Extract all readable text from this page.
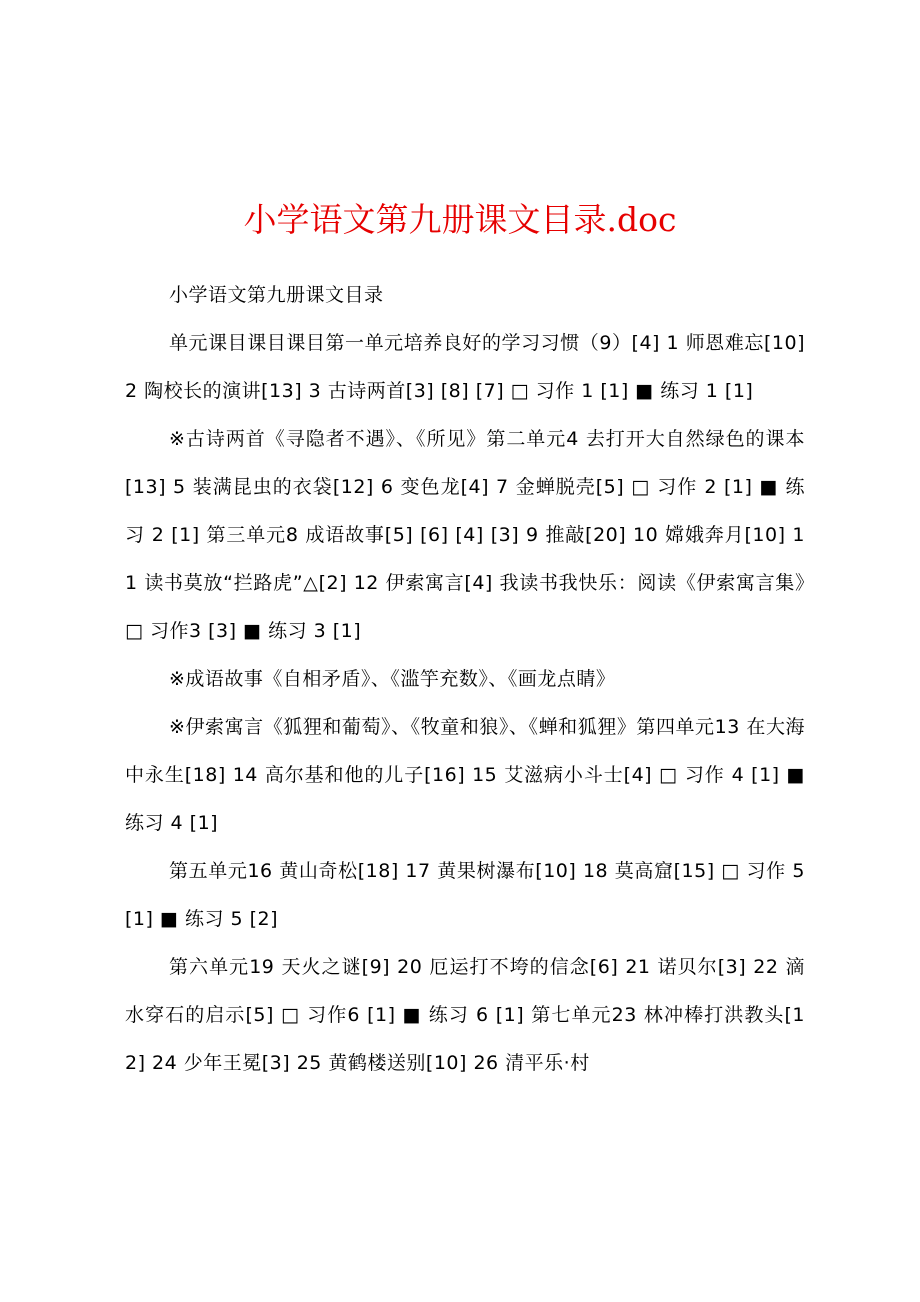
小学语文第九册课文目录.doc

小学语文第九册课文目录

单元课目课目课目第一单元培养良好的学习习惯（9）[4] 1 师恩难忘[10] 2 陶校长的演讲[13] 3 古诗两首[3] [8] [7] □ 习作 1 [1] ■ 练习 1 [1]

※古诗两首《寻隐者不遇》、《所见》第二单元4 去打开大自然绿色的课本[13] 5 装满昆虫的衣袋[12] 6 变色龙[4] 7 金蝉脱壳[5] □ 习作 2 [1] ■ 练习 2 [1] 第三单元8 成语故事[5] [6] [4] [3] 9 推敲[20] 10 嫦娥奔月[10] 11 读书莫放“拦路虎”△[2] 12 伊索寓言[4] 我读书我快乐：阅读《伊索寓言集》□ 习作3 [3] ■ 练习 3 [1]

※成语故事《自相矛盾》、《滥竽充数》、《画龙点睛》

※伊索寓言《狐狸和葡萄》、《牧童和狼》、《蝉和狐狸》第四单元13 在大海中永生[18] 14 高尔基和他的儿子[16] 15 艾滋病小斗士[4] □ 习作 4 [1] ■ 练习 4 [1]

第五单元16 黄山奇松[18] 17 黄果树瀑布[10] 18 莫高窟[15] □ 习作 5 [1] ■ 练习 5 [2]

第六单元19 天火之谜[9] 20 厄运打不垮的信念[6] 21 诺贝尔[3] 22 滴水穿石的启示[5] □ 习作6 [1] ■ 练习 6 [1] 第七单元23 林冲棒打洪教头[12] 24 少年王冕[3] 25 黄鹤楼送别[10] 26 清平乐·村
